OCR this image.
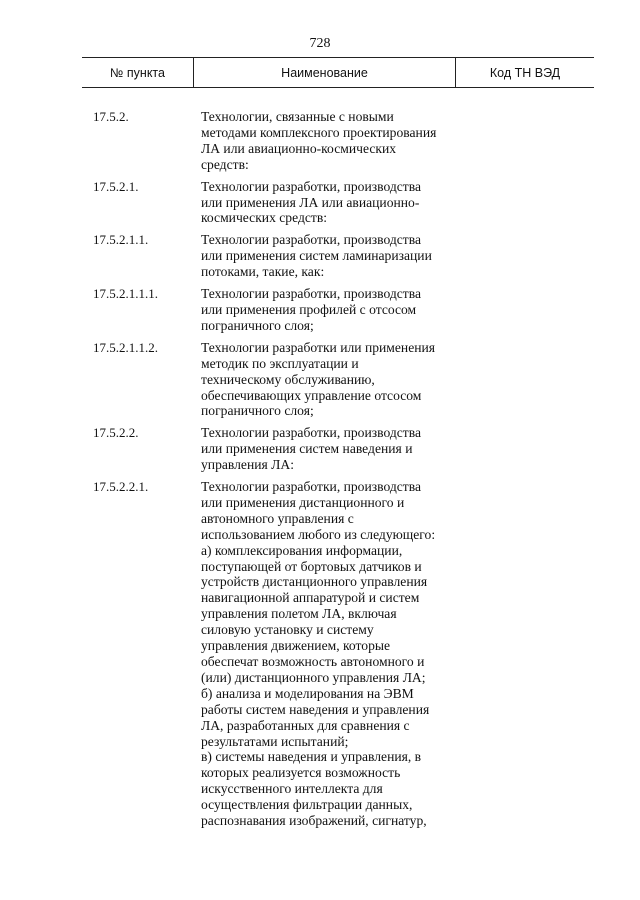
728
№ пункта	Наименование	Код ТН ВЭД
17.5.2.	Технологии, связанные с новыми
методами комплексного проектирования
ЛА или авиационно-космических
средств:
17.5.2.1.	Технологии разработки, производства
или применения ЛА или авиационно-
космических средств:
17.5.2.1.1.	Технологии разработки, производства
или применения систем ламинаризации
потоками, такие, как:
17.5.2.1.1.1.	Технологии разработки, производства
или применения профилей с отсосом
пограничного слоя;
17.5.2.1.1.2.	Технологии разработки или применения
методик по эксплуатации и
техническому обслуживанию,
обеспечивающих управление отсосом
пограничного слоя;
17.5.2.2.	Технологии разработки, производства
или применения систем наведения и
управления ЛА:
17.5.2.2.1.	Технологии разработки, производства
или применения дистанционного и
автономного управления с
использованием любого из следующего:
а) комплексирования информации,
поступающей от бортовых датчиков и
устройств дистанционного управления
навигационной аппаратурой и систем
управления полетом ЛА, включая
силовую установку и систему
управления движением, которые
обеспечат возможность автономного и
(или) дистанционного управления ЛА;
б) анализа и моделирования на ЭВМ
работы систем наведения и управления
ЛА, разработанных для сравнения с
результатами испытаний;
в) системы наведения и управления, в
которых реализуется возможность
искусственного интеллекта для
осуществления фильтрации данных,
распознавания изображений, сигнатур,
